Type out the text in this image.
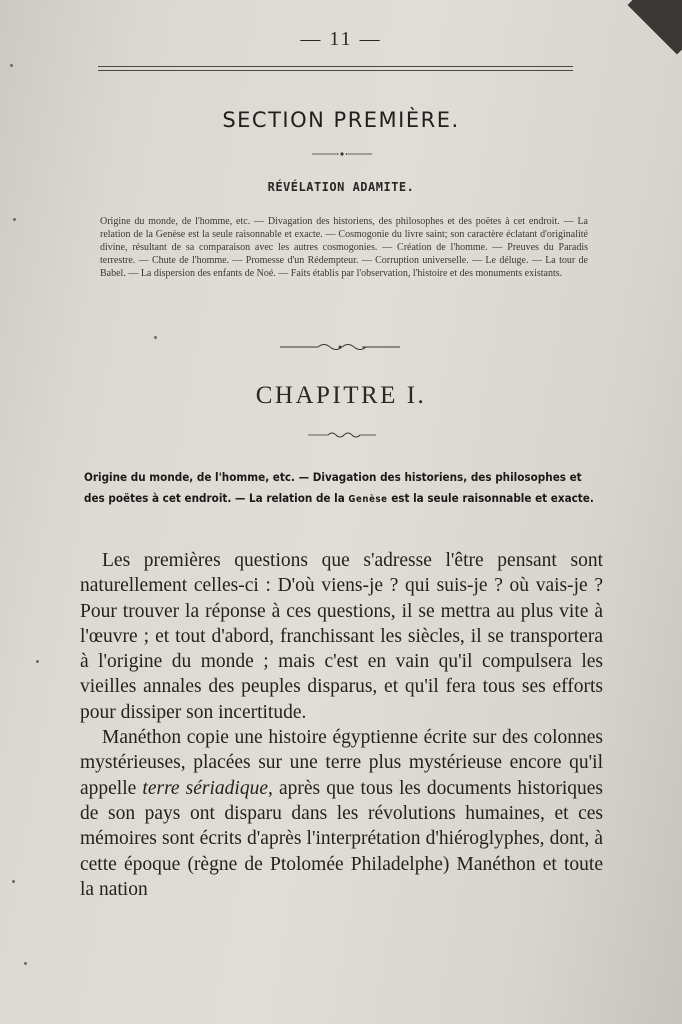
— 11 —
SECTION PREMIÈRE.
RÉVÉLATION ADAMITE.
Origine du monde, de l'homme, etc. — Divagation des historiens, des philosophes et des poëtes à cet endroit. — La relation de la Genèse est la seule raisonnable et exacte. — Cosmogonie du livre saint; son caractère éclatant d'originalité divine, résultant de sa comparaison avec les autres cosmogonies. — Création de l'homme. — Preuves du Paradis terrestre. — Chute de l'homme. — Promesse d'un Rédempteur. — Corruption universelle. — Le déluge. — La tour de Babel. — La dispersion des enfants de Noé. — Faits établis par l'observation, l'histoire et des monuments existants.
CHAPITRE I.
Origine du monde, de l'homme, etc. — Divagation des historiens, des philosophes et des poëtes à cet endroit. — La relation de la Genèse est la seule raisonnable et exacte.

Les premières questions que s'adresse l'être pensant sont naturellement celles-ci : D'où viens-je ? qui suis-je ? où vais-je ? Pour trouver la réponse à ces questions, il se mettra au plus vite à l'œuvre ; et tout d'abord, franchissant les siècles, il se transportera à l'origine du monde ; mais c'est en vain qu'il compulsera les vieilles annales des peuples disparus, et qu'il fera tous ses efforts pour dissiper son incertitude.

Manéthon copie une histoire égyptienne écrite sur des colonnes mystérieuses, placées sur une terre plus mystérieuse encore qu'il appelle terre sériadique, après que tous les documents historiques de son pays ont disparu dans les révolutions humaines, et ces mémoires sont écrits d'après l'interprétation d'hiéroglyphes, dont, à cette époque (règne de Ptolomée Philadelphe) Manéthon et toute la nation
